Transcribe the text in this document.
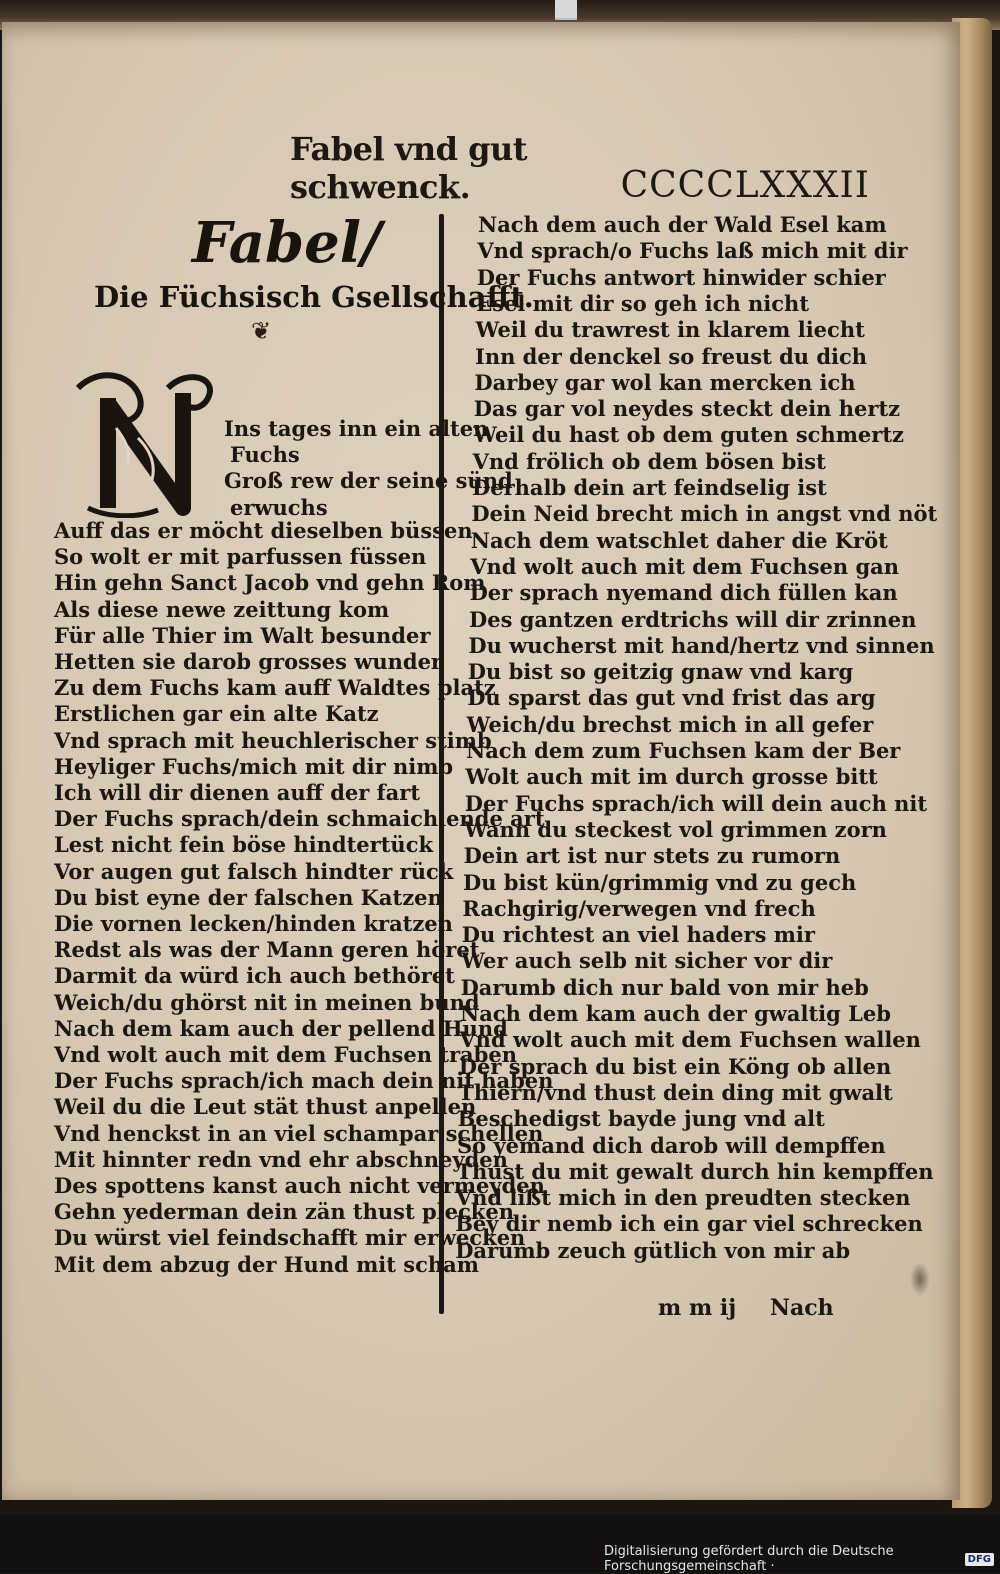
Fabel vnd gut schwenck.	CCCCLXXXII
Fabel/
Die Füchsisch Gsellschafft.
❦
Ins tages inn ein alten
Fuchs
Groß rew der seine sünd
erwuchs
Auff das er möcht dieselben büssen
So wolt er mit parfussen füssen
Hin gehn Sanct Jacob vnd gehn Rom
Als diese newe zeittung kom
Für alle Thier im Walt besunder
Hetten sie darob grosses wunder
Zu dem Fuchs kam auff Waldtes platz
Erstlichen gar ein alte Katz
Vnd sprach mit heuchlerischer stimb
Heyliger Fuchs/mich mit dir nimb
Ich will dir dienen auff der fart
Der Fuchs sprach/dein schmaichlende art
Lest nicht fein böse hindtertück
Vor augen gut falsch hindter rück
Du bist eyne der falschen Katzen
Die vornen lecken/hinden kratzen
Redst als was der Mann geren höret
Darmit da würd ich auch bethöret
Weich/du ghörst nit in meinen bund
Nach dem kam auch der pellend Hund
Vnd wolt auch mit dem Fuchsen traben
Der Fuchs sprach/ich mach dein nit haben
Weil du die Leut stät thust anpellen
Vnd henckst in an viel schampar schellen
Mit hinnter redn vnd ehr abschneyden
Des spottens kanst auch nicht vermeyden
Gehn yederman dein zän thust plecken
Du würst viel feindschafft mir erwecken
Mit dem abzug der Hund mit scham
m m ij Nach
Nach dem auch der Wald Esel kam
Vnd sprach/o Fuchs laß mich mit dir
Der Fuchs antwort hinwider schier
Esel mit dir so geh ich nicht
Weil du trawrest in klarem liecht
Inn der denckel so freust du dich
Darbey gar wol kan mercken ich
Das gar vol neydes steckt dein hertz
Weil du hast ob dem guten schmertz
Vnd frölich ob dem bösen bist
Derhalb dein art feindselig ist
Dein Neid brecht mich in angst vnd nöt
Nach dem watschlet daher die Kröt
Vnd wolt auch mit dem Fuchsen gan
Der sprach nyemand dich füllen kan
Des gantzen erdtrichs will dir zrinnen
Du wucherst mit hand/hertz vnd sinnen
Du bist so geitzig gnaw vnd karg
Du sparst das gut vnd frist das arg
Weich/du brechst mich in all gefer
Nach dem zum Fuchsen kam der Ber
Wolt auch mit im durch grosse bitt
Der Fuchs sprach/ich will dein auch nit
Wann du steckest vol grimmen zorn
Dein art ist nur stets zu rumorn
Du bist kün/grimmig vnd zu gech
Rachgirig/verwegen vnd frech
Du richtest an viel haders mir
Wer auch selb nit sicher vor dir
Darumb dich nur bald von mir heb
Nach dem kam auch der gwaltig Leb
Vnd wolt auch mit dem Fuchsen wallen
Der sprach du bist ein Köng ob allen
Thiern/vnd thust dein ding mit gwalt
Beschedigst bayde jung vnd alt
So yemand dich darob will dempffen
Thust du mit gewalt durch hin kempffen
Vnd lißt mich in den preudten stecken
Bey dir nemb ich ein gar viel schrecken
Darumb zeuch gütlich von mir ab
Digitalisierung gefördert durch die Deutsche Forschungsgemeinschaft ·	DFG
